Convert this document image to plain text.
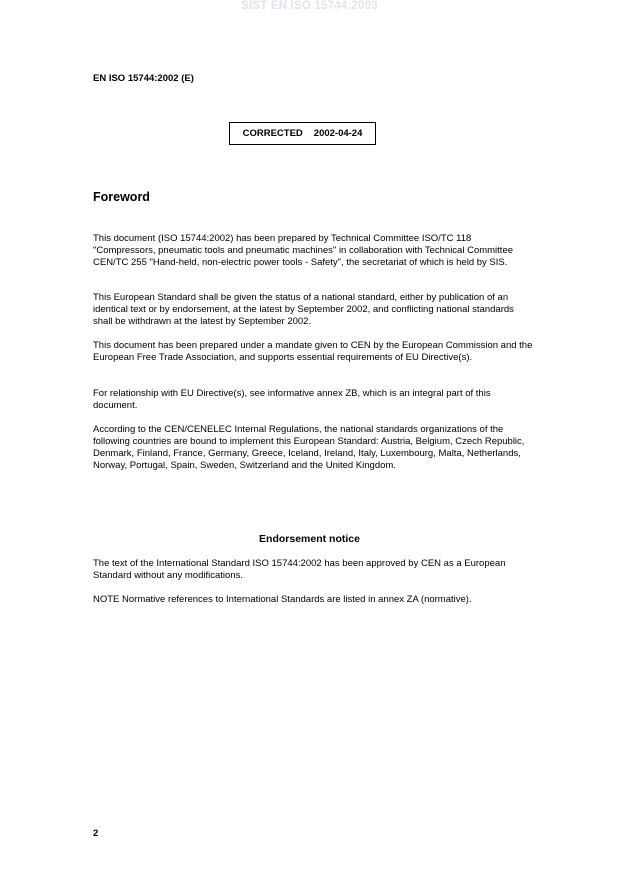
SIST EN ISO 15744:2003
EN ISO 15744:2002 (E)
CORRECTED 2002-04-24
Foreword

This document (ISO 15744:2002) has been prepared by Technical Committee ISO/TC 118 "Compressors, pneumatic tools and pneumatic machines" in collaboration with Technical Committee CEN/TC 255 "Hand-held, non-electric power tools - Safety", the secretariat of which is held by SIS.

This European Standard shall be given the status of a national standard, either by publication of an identical text or by endorsement, at the latest by September 2002, and conflicting national standards shall be withdrawn at the latest by September 2002.

This document has been prepared under a mandate given to CEN by the European Commission and the European Free Trade Association, and supports essential requirements of EU Directive(s).

For relationship with EU Directive(s), see informative annex ZB, which is an integral part of this document.

According to the CEN/CENELEC Internal Regulations, the national standards organizations of the following countries are bound to implement this European Standard: Austria, Belgium, Czech Republic, Denmark, Finland, France, Germany, Greece, Iceland, Ireland, Italy, Luxembourg, Malta, Netherlands, Norway, Portugal, Spain, Sweden, Switzerland and the United Kingdom.

Endorsement notice

The text of the International Standard ISO 15744:2002 has been approved by CEN as a European Standard without any modifications.

NOTE Normative references to International Standards are listed in annex ZA (normative).

2
